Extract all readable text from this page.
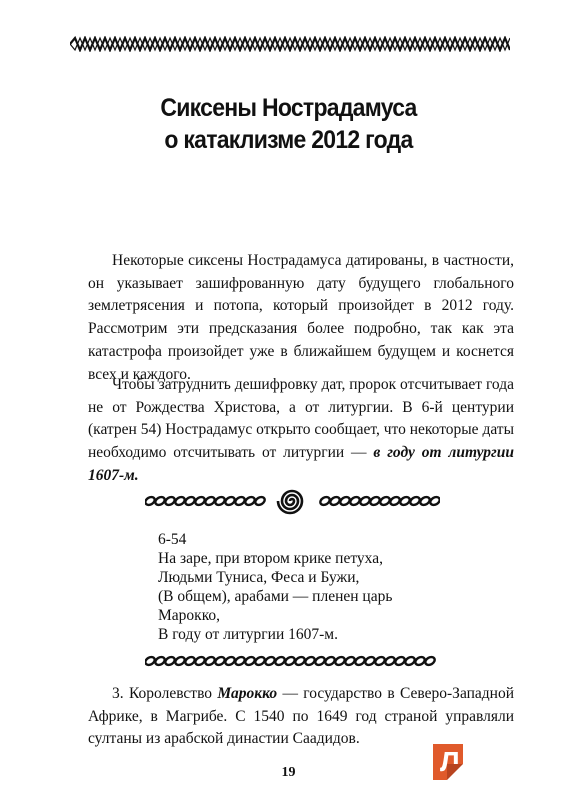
Сиксены Нострадамуса
о катаклизме 2012 года
Некоторые сиксены Нострадамуса датированы, в частности, он указывает зашифрованную дату будущего глобального землетрясения и потопа, который произойдет в 2012 году. Рассмотрим эти предсказания более подробно, так как эта катастрофа произойдет уже в ближайшем будущем и коснется всех и каждого.
Чтобы затруднить дешифровку дат, пророк отсчитывает года не от Рождества Христова, а от литургии. В 6-й центурии (катрен 54) Нострадамус открыто сообщает, что некоторые даты необходимо отсчитывать от литургии — в году от литургии 1607-м.
6-54
На заре, при втором крике петуха,
Людьми Туниса, Феса и Бужи,
(В общем), арабами — пленен царь
Марокко,
В году от литургии 1607-м.
3. Королевство Марокко — государство в Северо-Западной Африке, в Магрибе. С 1540 по 1649 год страной управляли султаны из арабской династии Саадидов.
19	Л
